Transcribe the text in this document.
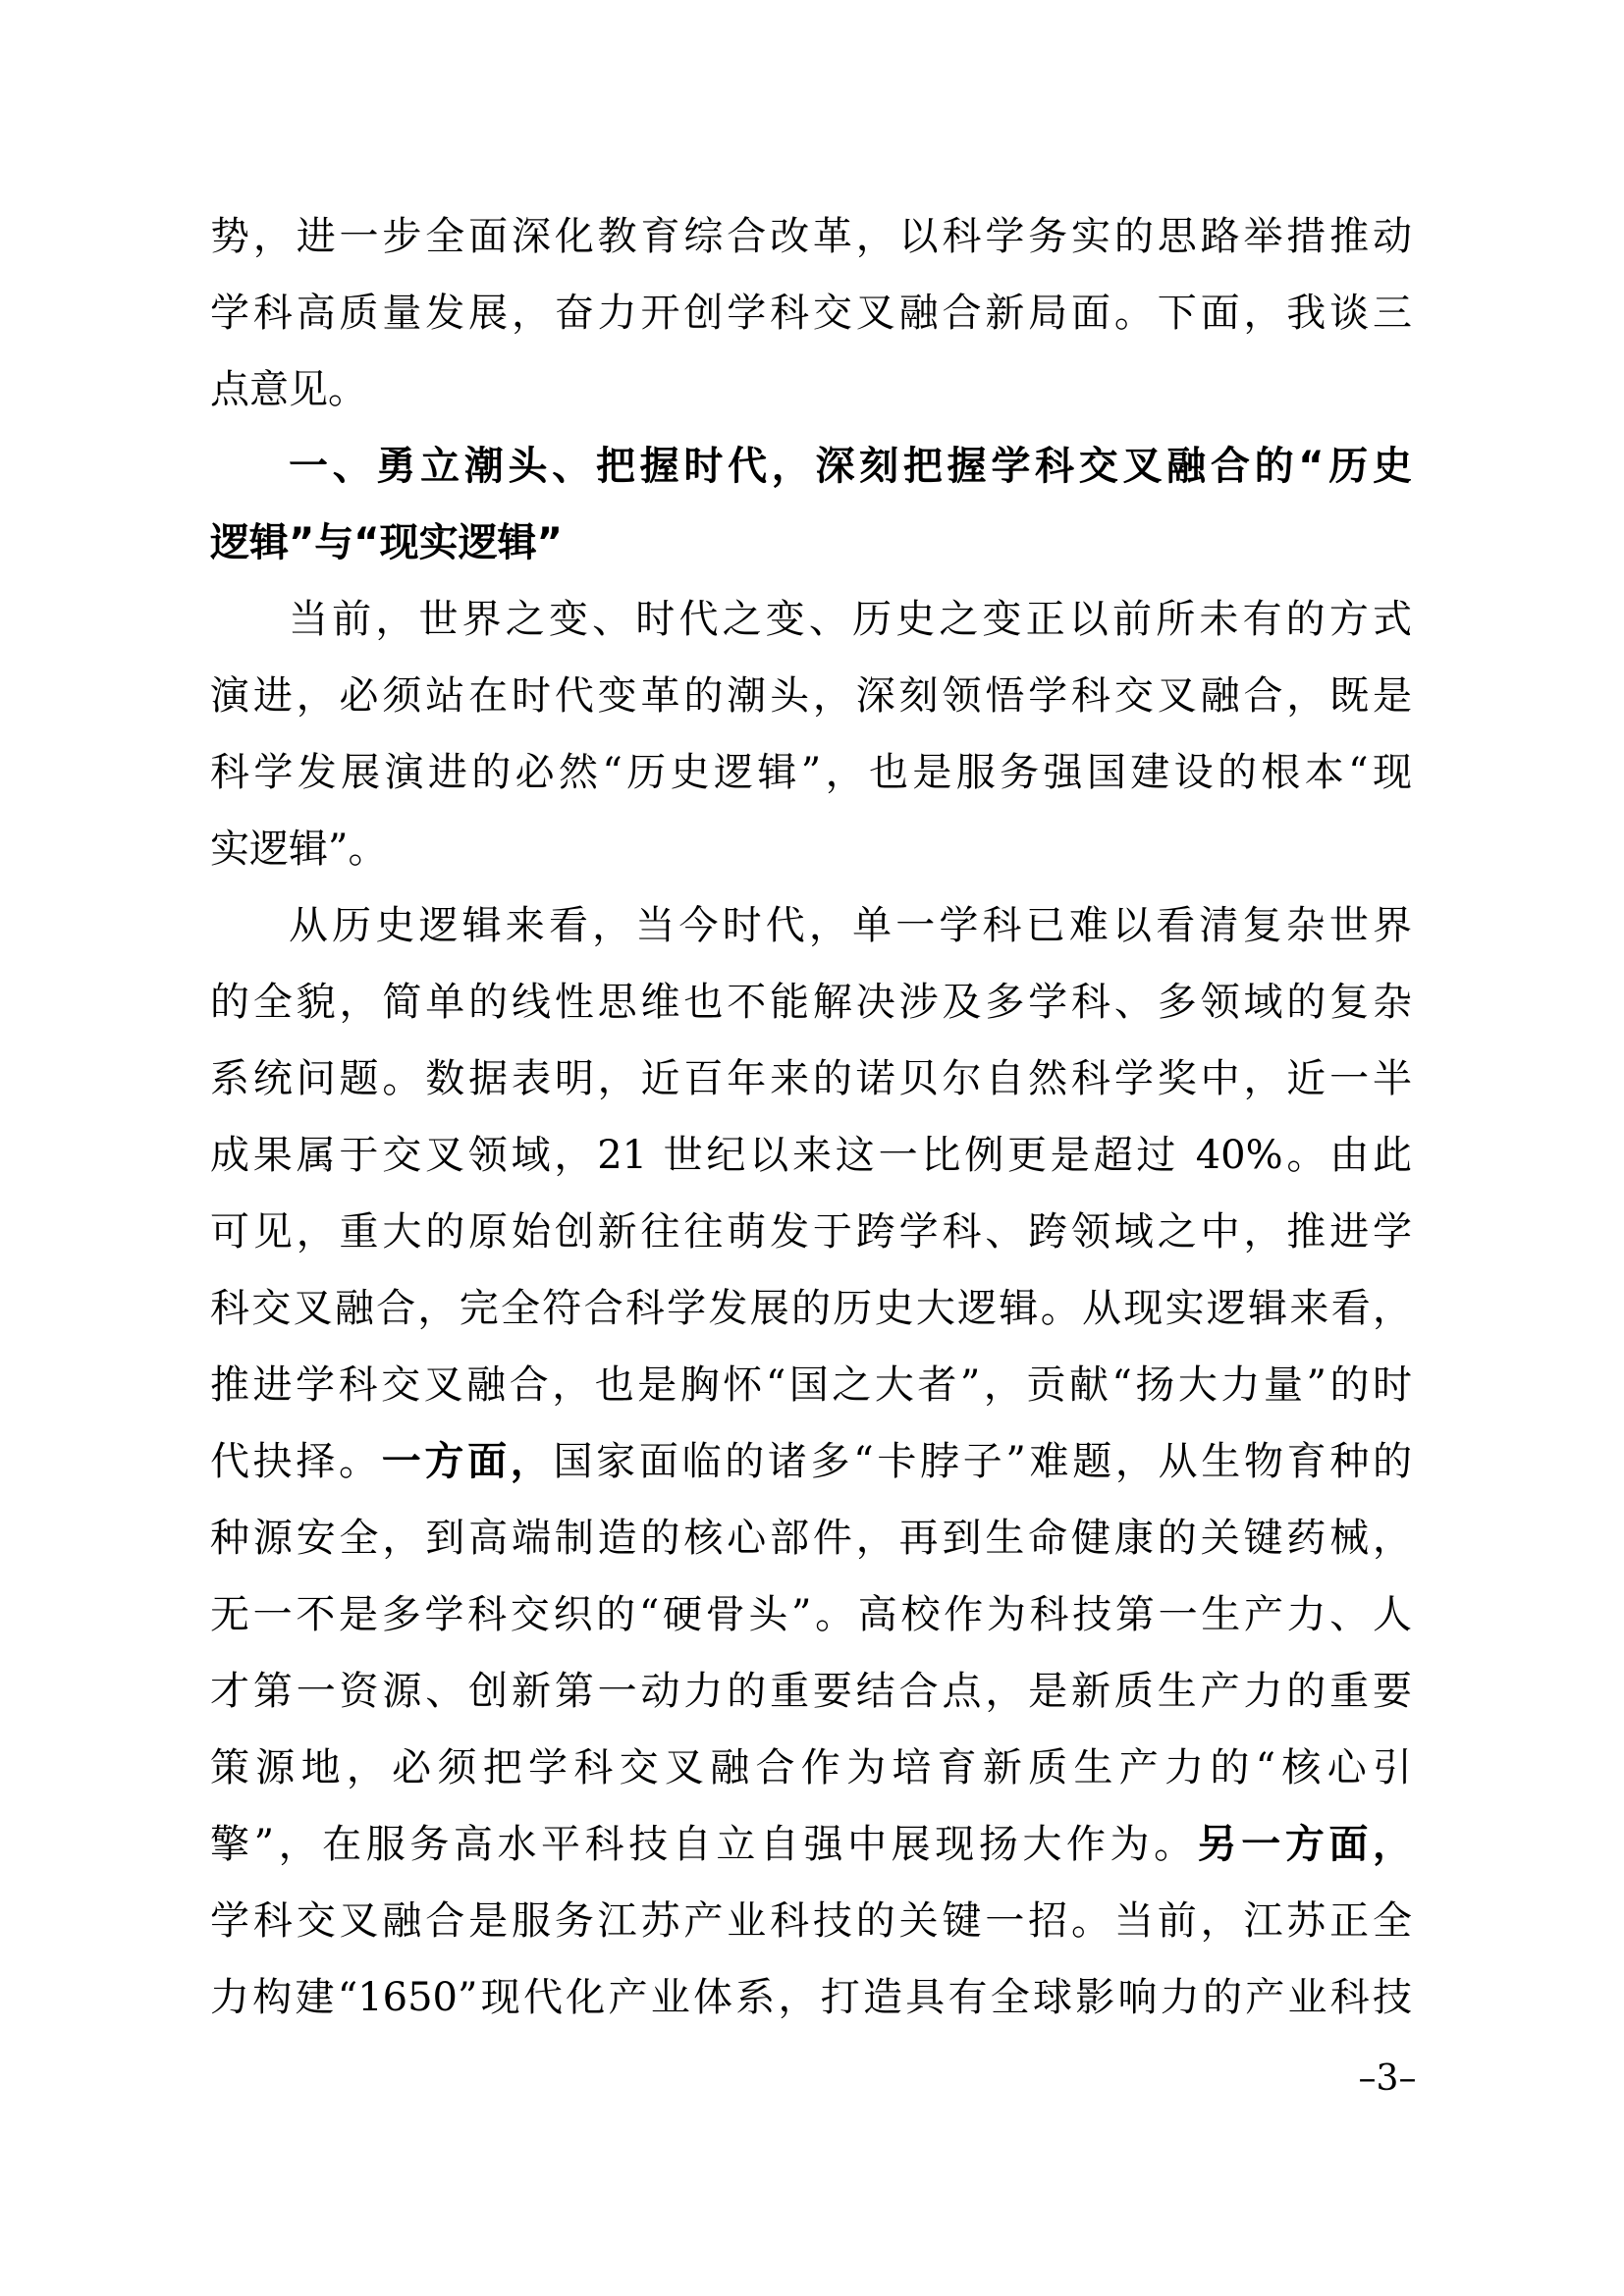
势，进一步全面深化教育综合改革，以科学务实的思路举措推动
学科高质量发展，奋力开创学科交叉融合新局面。下面，我谈三
点意见。
一、勇立潮头、把握时代，深刻把握学科交叉融合的“历史
逻辑”与“现实逻辑”
当前，世界之变、时代之变、历史之变正以前所未有的方式
演进，必须站在时代变革的潮头，深刻领悟学科交叉融合，既是
科学发展演进的必然“历史逻辑”，也是服务强国建设的根本“现
实逻辑”。
从历史逻辑来看，当今时代，单一学科已难以看清复杂世界
的全貌，简单的线性思维也不能解决涉及多学科、多领域的复杂
系统问题。数据表明，近百年来的诺贝尔自然科学奖中，近一半
成果属于交叉领域，21 世纪以来这一比例更是超过 40%。由此
可见，重大的原始创新往往萌发于跨学科、跨领域之中，推进学
科交叉融合，完全符合科学发展的历史大逻辑。从现实逻辑来看，
推进学科交叉融合，也是胸怀“国之大者”，贡献“扬大力量”的时
代抉择。一方面，国家面临的诸多“卡脖子”难题，从生物育种的
种源安全，到高端制造的核心部件，再到生命健康的关键药械，
无一不是多学科交织的“硬骨头”。高校作为科技第一生产力、人
才第一资源、创新第一动力的重要结合点，是新质生产力的重要
策源地，必须把学科交叉融合作为培育新质生产力的“核心引
擎”，在服务高水平科技自立自强中展现扬大作为。另一方面，
学科交叉融合是服务江苏产业科技的关键一招。当前，江苏正全
力构建“1650”现代化产业体系，打造具有全球影响力的产业科技
–3–
